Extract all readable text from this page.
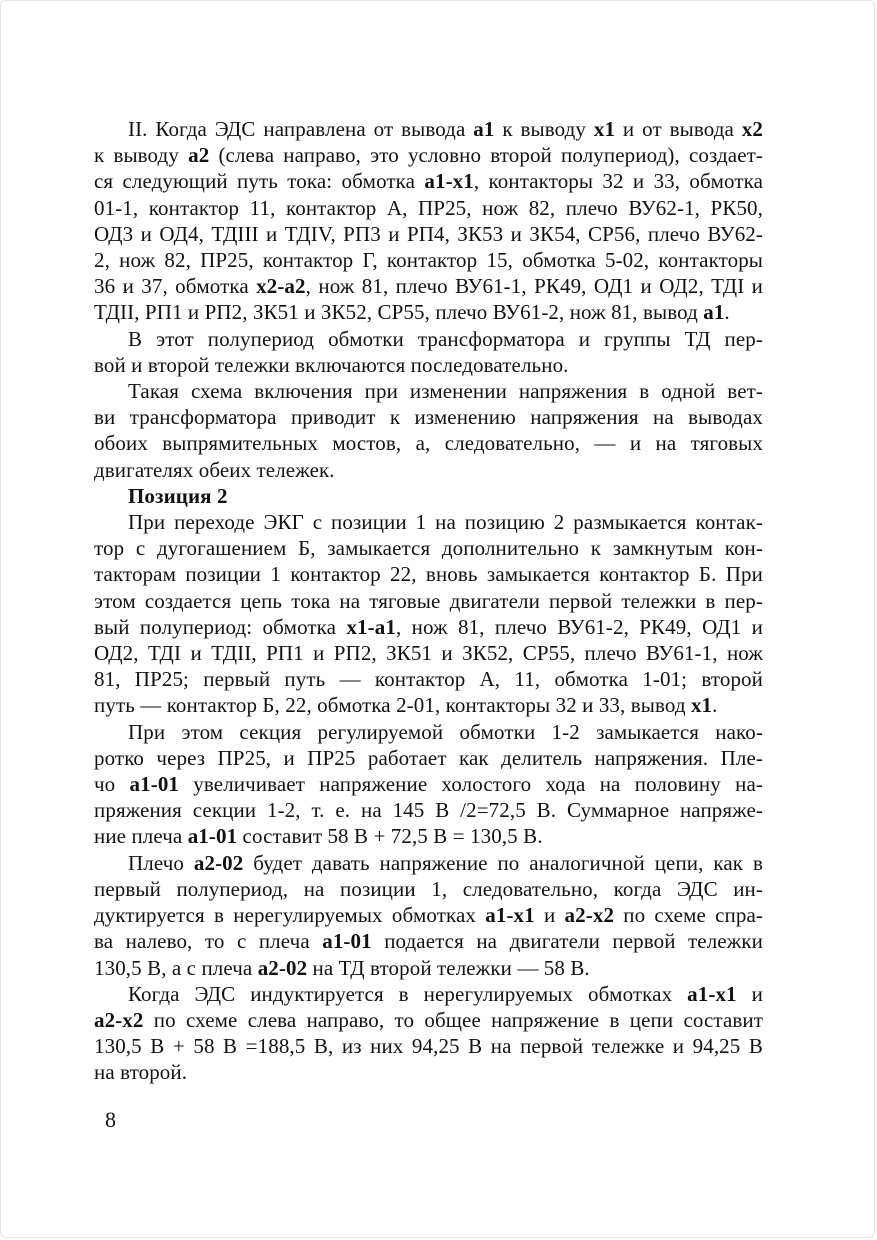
II. Когда ЭДС направлена от вывода а1 к выводу х1 и от вывода х2
к выводу а2 (слева направо, это условно второй полупериод), создает-
ся следующий путь тока: обмотка а1-х1, контакторы 32 и 33, обмотка
01-1, контактор 11, контактор А, ПР25, нож 82, плечо ВУ62-1, РК50,
ОД3 и ОД4, ТДIII и ТДIV, РП3 и РП4, ЗК53 и ЗК54, СР56, плечо ВУ62-
2, нож 82, ПР25, контактор Г, контактор 15, обмотка 5-02, контакторы
36 и 37, обмотка х2-а2, нож 81, плечо ВУ61-1, РК49, ОД1 и ОД2, ТДI и
ТДII, РП1 и РП2, ЗК51 и ЗК52, СР55, плечо ВУ61-2, нож 81, вывод а1.
В этот полупериод обмотки трансформатора и группы ТД пер-
вой и второй тележки включаются последовательно.
Такая схема включения при изменении напряжения в одной вет-
ви трансформатора приводит к изменению напряжения на выводах
обоих выпрямительных мостов, а, следовательно, — и на тяговых
двигателях обеих тележек.
Позиция 2
При переходе ЭКГ с позиции 1 на позицию 2 размыкается контак-
тор с дугогашением Б, замыкается дополнительно к замкнутым кон-
такторам позиции 1 контактор 22, вновь замыкается контактор Б. При
этом создается цепь тока на тяговые двигатели первой тележки в пер-
вый полупериод: обмотка х1-а1, нож 81, плечо ВУ61-2, РК49, ОД1 и
ОД2, ТДI и ТДII, РП1 и РП2, ЗК51 и ЗК52, СР55, плечо ВУ61-1, нож
81, ПР25; первый путь — контактор А, 11, обмотка 1-01; второй
путь — контактор Б, 22, обмотка 2-01, контакторы 32 и 33, вывод х1.
При этом секция регулируемой обмотки 1-2 замыкается нако-
ротко через ПР25, и ПР25 работает как делитель напряжения. Пле-
чо а1-01 увеличивает напряжение холостого хода на половину на-
пряжения секции 1-2, т. е. на 145 В /2=72,5 В. Суммарное напряже-
ние плеча а1-01 составит 58 В + 72,5 В = 130,5 В.
Плечо а2-02 будет давать напряжение по аналогичной цепи, как в
первый полупериод, на позиции 1, следовательно, когда ЭДС ин-
дуктируется в нерегулируемых обмотках а1-х1 и а2-х2 по схеме спра-
ва налево, то с плеча а1-01 подается на двигатели первой тележки
130,5 В, а с плеча а2-02 на ТД второй тележки — 58 В.
Когда ЭДС индуктируется в нерегулируемых обмотках а1-х1 и
а2-х2 по схеме слева направо, то общее напряжение в цепи составит
130,5 В + 58 В =188,5 В, из них 94,25 В на первой тележке и 94,25 В
на второй.
8
